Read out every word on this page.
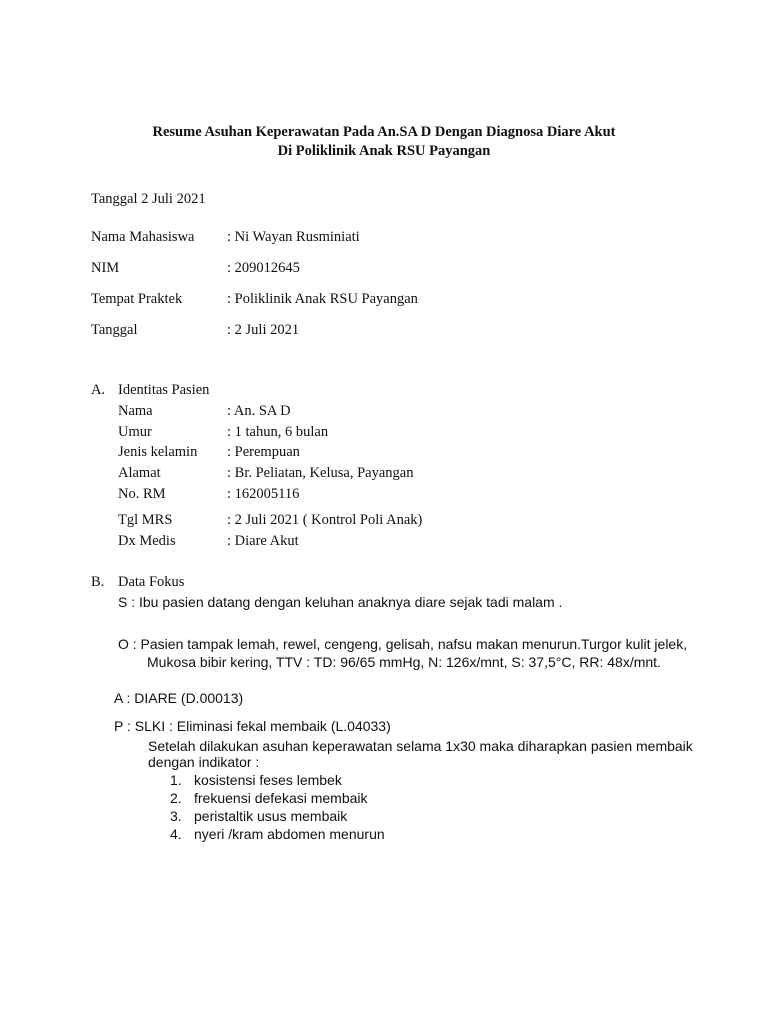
Resume Asuhan Keperawatan Pada An.SA D Dengan Diagnosa Diare Akut
Di Poliklinik Anak RSU Payangan
Tanggal 2 Juli 2021
Nama Mahasiswa : Ni Wayan Rusminiati
NIM	: 209012645
Tempat Praktek	: Poliklinik Anak RSU Payangan
Tanggal	: 2 Juli 2021
A. Identitas Pasien
Nama	: An. SA D
Umur	: 1 tahun, 6 bulan
Jenis kelamin : Perempuan
Alamat	: Br. Peliatan, Kelusa, Payangan
No. RM	: 162005116
Tgl MRS	: 2 Juli 2021 ( Kontrol Poli Anak)
Dx Medis	: Diare Akut
B. Data Fokus
S : Ibu pasien datang dengan keluhan anaknya diare sejak tadi malam .
O : Pasien tampak lemah, rewel, cengeng, gelisah, nafsu makan menurun.Turgor kulit jelek,
Mukosa bibir kering, TTV : TD: 96/65 mmHg, N: 126x/mnt, S: 37,5°C, RR: 48x/mnt.
A : DIARE (D.00013)
P : SLKI : Eliminasi fekal membaik (L.04033)
Setelah dilakukan asuhan keperawatan selama 1x30 maka diharapkan pasien membaik
dengan indikator :
1. kosistensi feses lembek
2. frekuensi defekasi membaik
3. peristaltik usus membaik
4. nyeri /kram abdomen menurun
